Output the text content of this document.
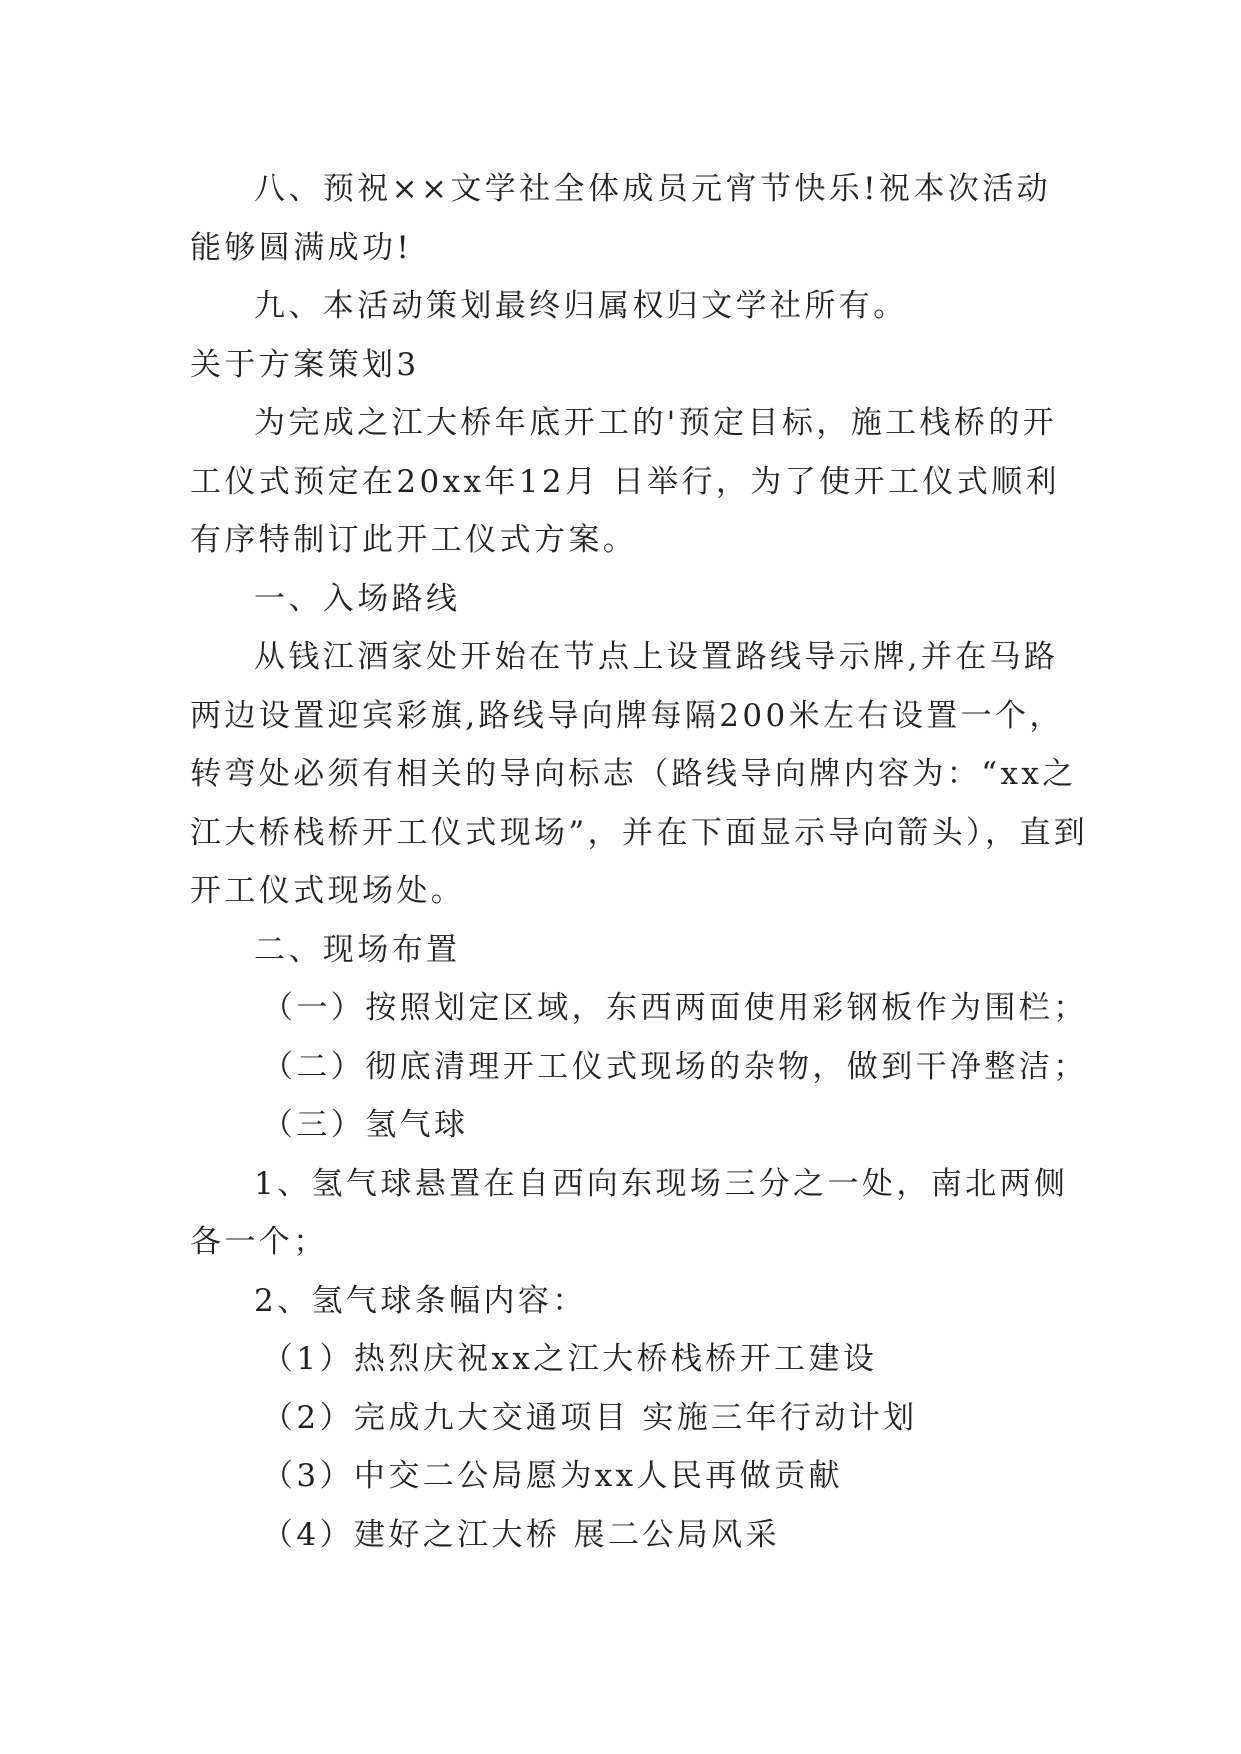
八、预祝××文学社全体成员元宵节快乐!祝本次活动
能够圆满成功!
九、本活动策划最终归属权归文学社所有。
关于方案策划3
为完成之江大桥年底开工的'预定目标，施工栈桥的开
工仪式预定在20xx年12月 日举行，为了使开工仪式顺利
有序特制订此开工仪式方案。
一、入场路线
从钱江酒家处开始在节点上设置路线导示牌,并在马路
两边设置迎宾彩旗,路线导向牌每隔200米左右设置一个，
转弯处必须有相关的导向标志（路线导向牌内容为：“xx之
江大桥栈桥开工仪式现场”，并在下面显示导向箭头），直到
开工仪式现场处。
二、现场布置
（一）按照划定区域，东西两面使用彩钢板作为围栏；
（二）彻底清理开工仪式现场的杂物，做到干净整洁；
（三）氢气球
1、氢气球悬置在自西向东现场三分之一处，南北两侧
各一个；
2、氢气球条幅内容：
（1）热烈庆祝xx之江大桥栈桥开工建设
（2）完成九大交通项目 实施三年行动计划
（3）中交二公局愿为xx人民再做贡献
（4）建好之江大桥 展二公局风采
